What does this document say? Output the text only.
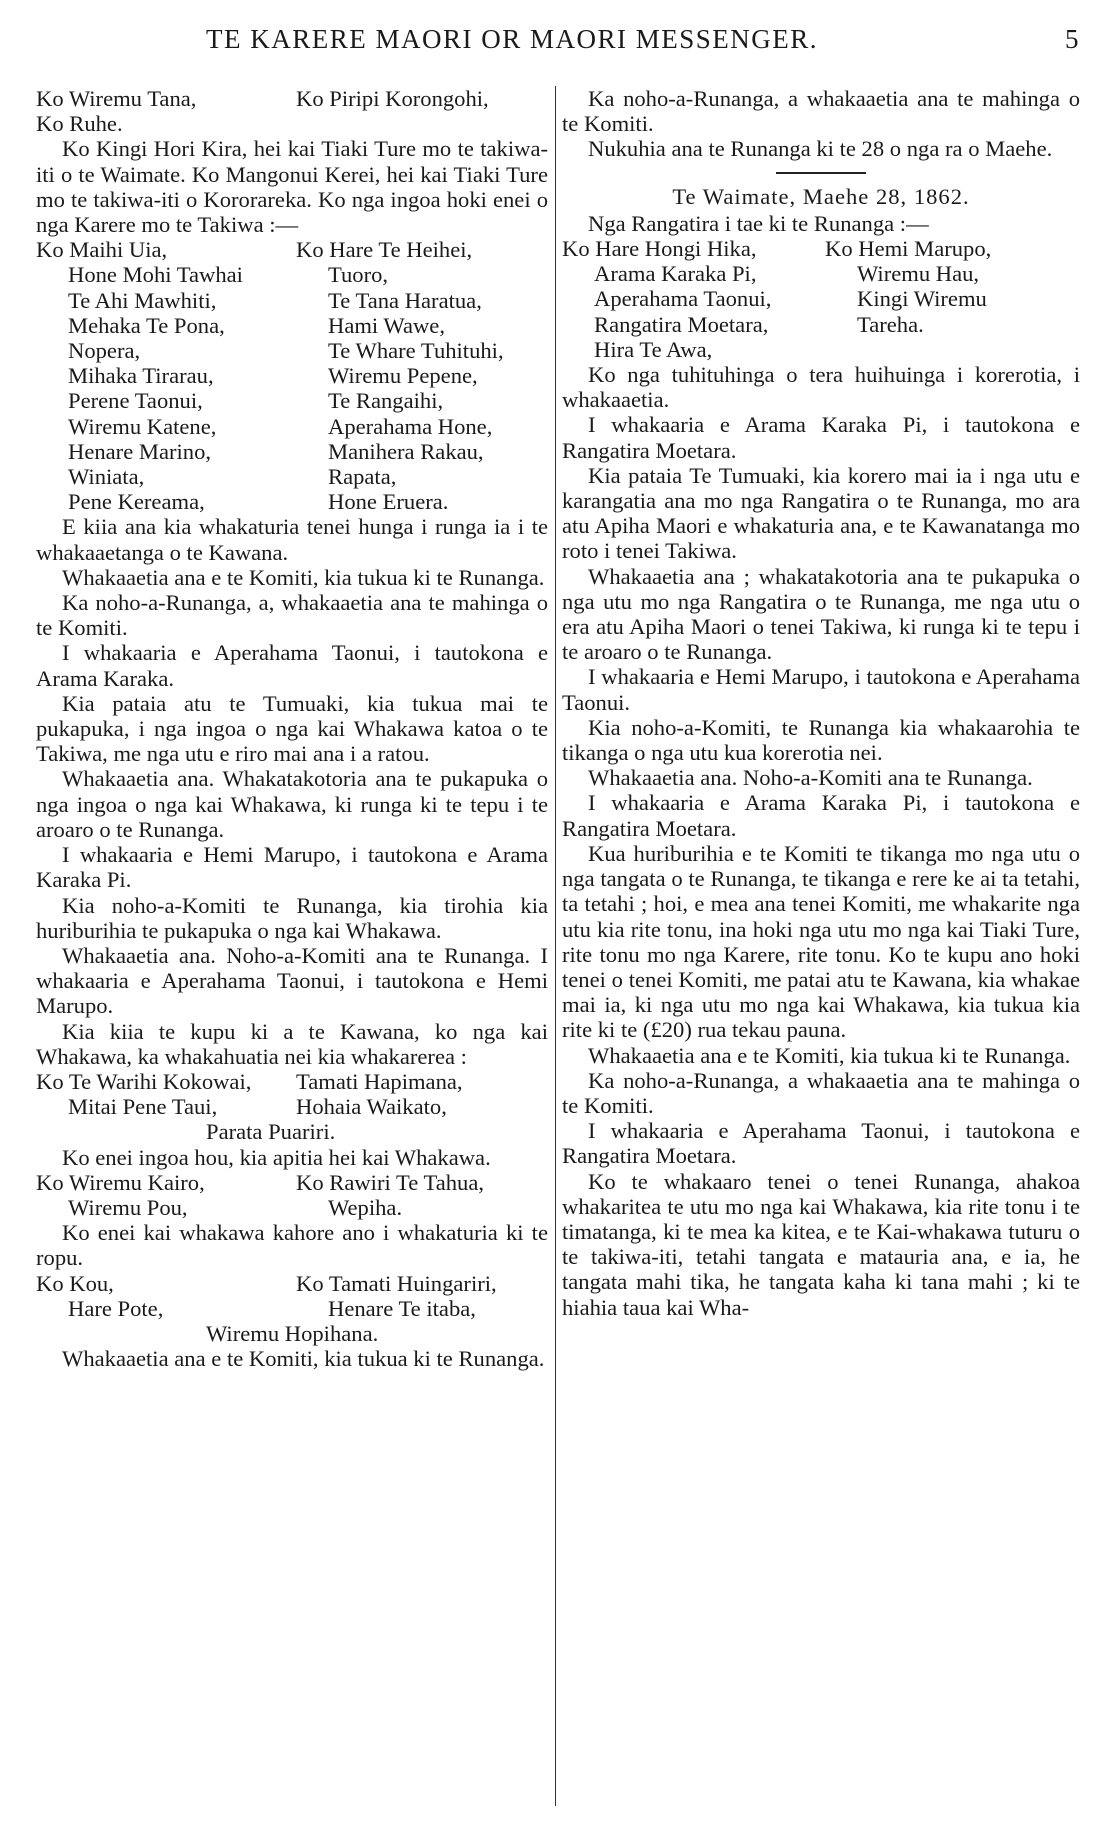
TE KARERE MAORI OR MAORI MESSENGER.	5
Ko Wiremu Tana,	Ko Piripi Korongohi,
Ko Ruhe.

Ko Kingi Hori Kira, hei kai Tiaki Ture mo te takiwa-iti o te Waimate. Ko Mangonui Kerei, hei kai Tiaki Ture mo te takiwa-iti o Kororareka. Ko nga ingoa hoki enei o nga Karere mo te Takiwa :—

Ko Maihi Uia,	Ko Hare Te Heihei,
Hone Mohi Tawhai	Tuoro,
Te Ahi Mawhiti,	Te Tana Haratua,
Mehaka Te Pona,	Hami Wawe,
Nopera,	Te Whare Tuhituhi,
Mihaka Tirarau,	Wiremu Pepene,
Perene Taonui,	Te Rangaihi,
Wiremu Katene,	Aperahama Hone,
Henare Marino,	Manihera Rakau,
Winiata,	Rapata,
Pene Kereama,	Hone Eruera.

E kiia ana kia whakaturia tenei hunga i runga ia i te whakaaetanga o te Kawana.

Whakaaetia ana e te Komiti, kia tukua ki te Runanga.

Ka noho-a-Runanga, a, whakaaetia ana te mahinga o te Komiti.

I whakaaria e Aperahama Taonui, i tautokona e Arama Karaka.

Kia pataia atu te Tumuaki, kia tukua mai te pukapuka, i nga ingoa o nga kai Whakawa katoa o te Takiwa, me nga utu e riro mai ana i a ratou.

Whakaaetia ana. Whakatakotoria ana te pukapuka o nga ingoa o nga kai Whakawa, ki runga ki te tepu i te aroaro o te Runanga.

I whakaaria e Hemi Marupo, i tautokona e Arama Karaka Pi.

Kia noho-a-Komiti te Runanga, kia tirohia kia huriburihia te pukapuka o nga kai Whakawa.

Whakaaetia ana. Noho-a-Komiti ana te Runanga. I whakaaria e Aperahama Taonui, i tautokona e Hemi Marupo.

Kia kiia te kupu ki a te Kawana, ko nga kai Whakawa, ka whakahuatia nei kia whakarerea :

Ko Te Warihi Kokowai,	Tamati Hapimana,
Mitai Pene Taui,	Hohaia Waikato,
Parata Puariri.

Ko enei ingoa hou, kia apitia hei kai Whakawa.

Ko Wiremu Kairo,	Ko Rawiri Te Tahua,
Wiremu Pou,	Wepiha.

Ko enei kai whakawa kahore ano i whakaturia ki te ropu.

Ko Kou,	Ko Tamati Huingariri,
Hare Pote,	Henare Te itaba,
Wiremu Hopihana.

Whakaaetia ana e te Komiti, kia tukua ki te Runanga.

Ka noho-a-Runanga, a whakaaetia ana te mahinga o te Komiti.

Nukuhia ana te Runanga ki te 28 o nga ra o Maehe.

Te Waimate, Maehe 28, 1862.

Nga Rangatira i tae ki te Runanga :—

Ko Hare Hongi Hika,	Ko Hemi Marupo,
Arama Karaka Pi,	Wiremu Hau,
Aperahama Taonui,	Kingi Wiremu
Rangatira Moetara,	Tareha.
Hira Te Awa,

Ko nga tuhituhinga o tera huihuinga i korerotia, i whakaaetia.

I whakaaria e Arama Karaka Pi, i tautokona e Rangatira Moetara.

Kia pataia Te Tumuaki, kia korero mai ia i nga utu e karangatia ana mo nga Rangatira o te Runanga, mo ara atu Apiha Maori e whakaturia ana, e te Kawanatanga mo roto i tenei Takiwa.

Whakaaetia ana ; whakatakotoria ana te pukapuka o nga utu mo nga Rangatira o te Runanga, me nga utu o era atu Apiha Maori o tenei Takiwa, ki runga ki te tepu i te aroaro o te Runanga.

I whakaaria e Hemi Marupo, i tautokona e Aperahama Taonui.

Kia noho-a-Komiti, te Runanga kia whakaarohia te tikanga o nga utu kua korerotia nei.

Whakaaetia ana. Noho-a-Komiti ana te Runanga.

I whakaaria e Arama Karaka Pi, i tautokona e Rangatira Moetara.

Kua huriburihia e te Komiti te tikanga mo nga utu o nga tangata o te Runanga, te tikanga e rere ke ai ta tetahi, ta tetahi ; hoi, e mea ana tenei Komiti, me whakarite nga utu kia rite tonu, ina hoki nga utu mo nga kai Tiaki Ture, rite tonu mo nga Karere, rite tonu. Ko te kupu ano hoki tenei o tenei Komiti, me patai atu te Kawana, kia whakae mai ia, ki nga utu mo nga kai Whakawa, kia tukua kia rite ki te (£20) rua tekau pauna.

Whakaaetia ana e te Komiti, kia tukua ki te Runanga.

Ka noho-a-Runanga, a whakaaetia ana te mahinga o te Komiti.

I whakaaria e Aperahama Taonui, i tautokona e Rangatira Moetara.

Ko te whakaaro tenei o tenei Runanga, ahakoa whakaritea te utu mo nga kai Whakawa, kia rite tonu i te timatanga, ki te mea ka kitea, e te Kai-whakawa tuturu o te takiwa-iti, tetahi tangata e matauria ana, e ia, he tangata mahi tika, he tangata kaha ki tana mahi ; ki te hiahia taua kai Wha-
